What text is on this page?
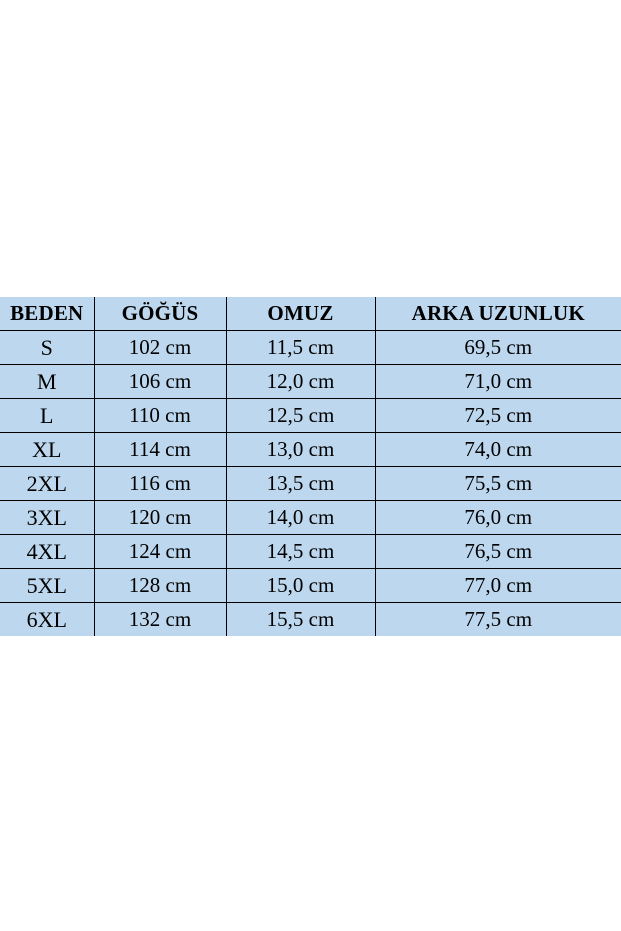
BEDEN	GÖĞÜS	OMUZ	ARKA UZUNLUK
S	102 cm	11,5 cm	69,5 cm
M	106 cm	12,0 cm	71,0 cm
L	110 cm	12,5 cm	72,5 cm
XL	114 cm	13,0 cm	74,0 cm
2XL	116 cm	13,5 cm	75,5 cm
3XL	120 cm	14,0 cm	76,0 cm
4XL	124 cm	14,5 cm	76,5 cm
5XL	128 cm	15,0 cm	77,0 cm
6XL	132 cm	15,5 cm	77,5 cm
